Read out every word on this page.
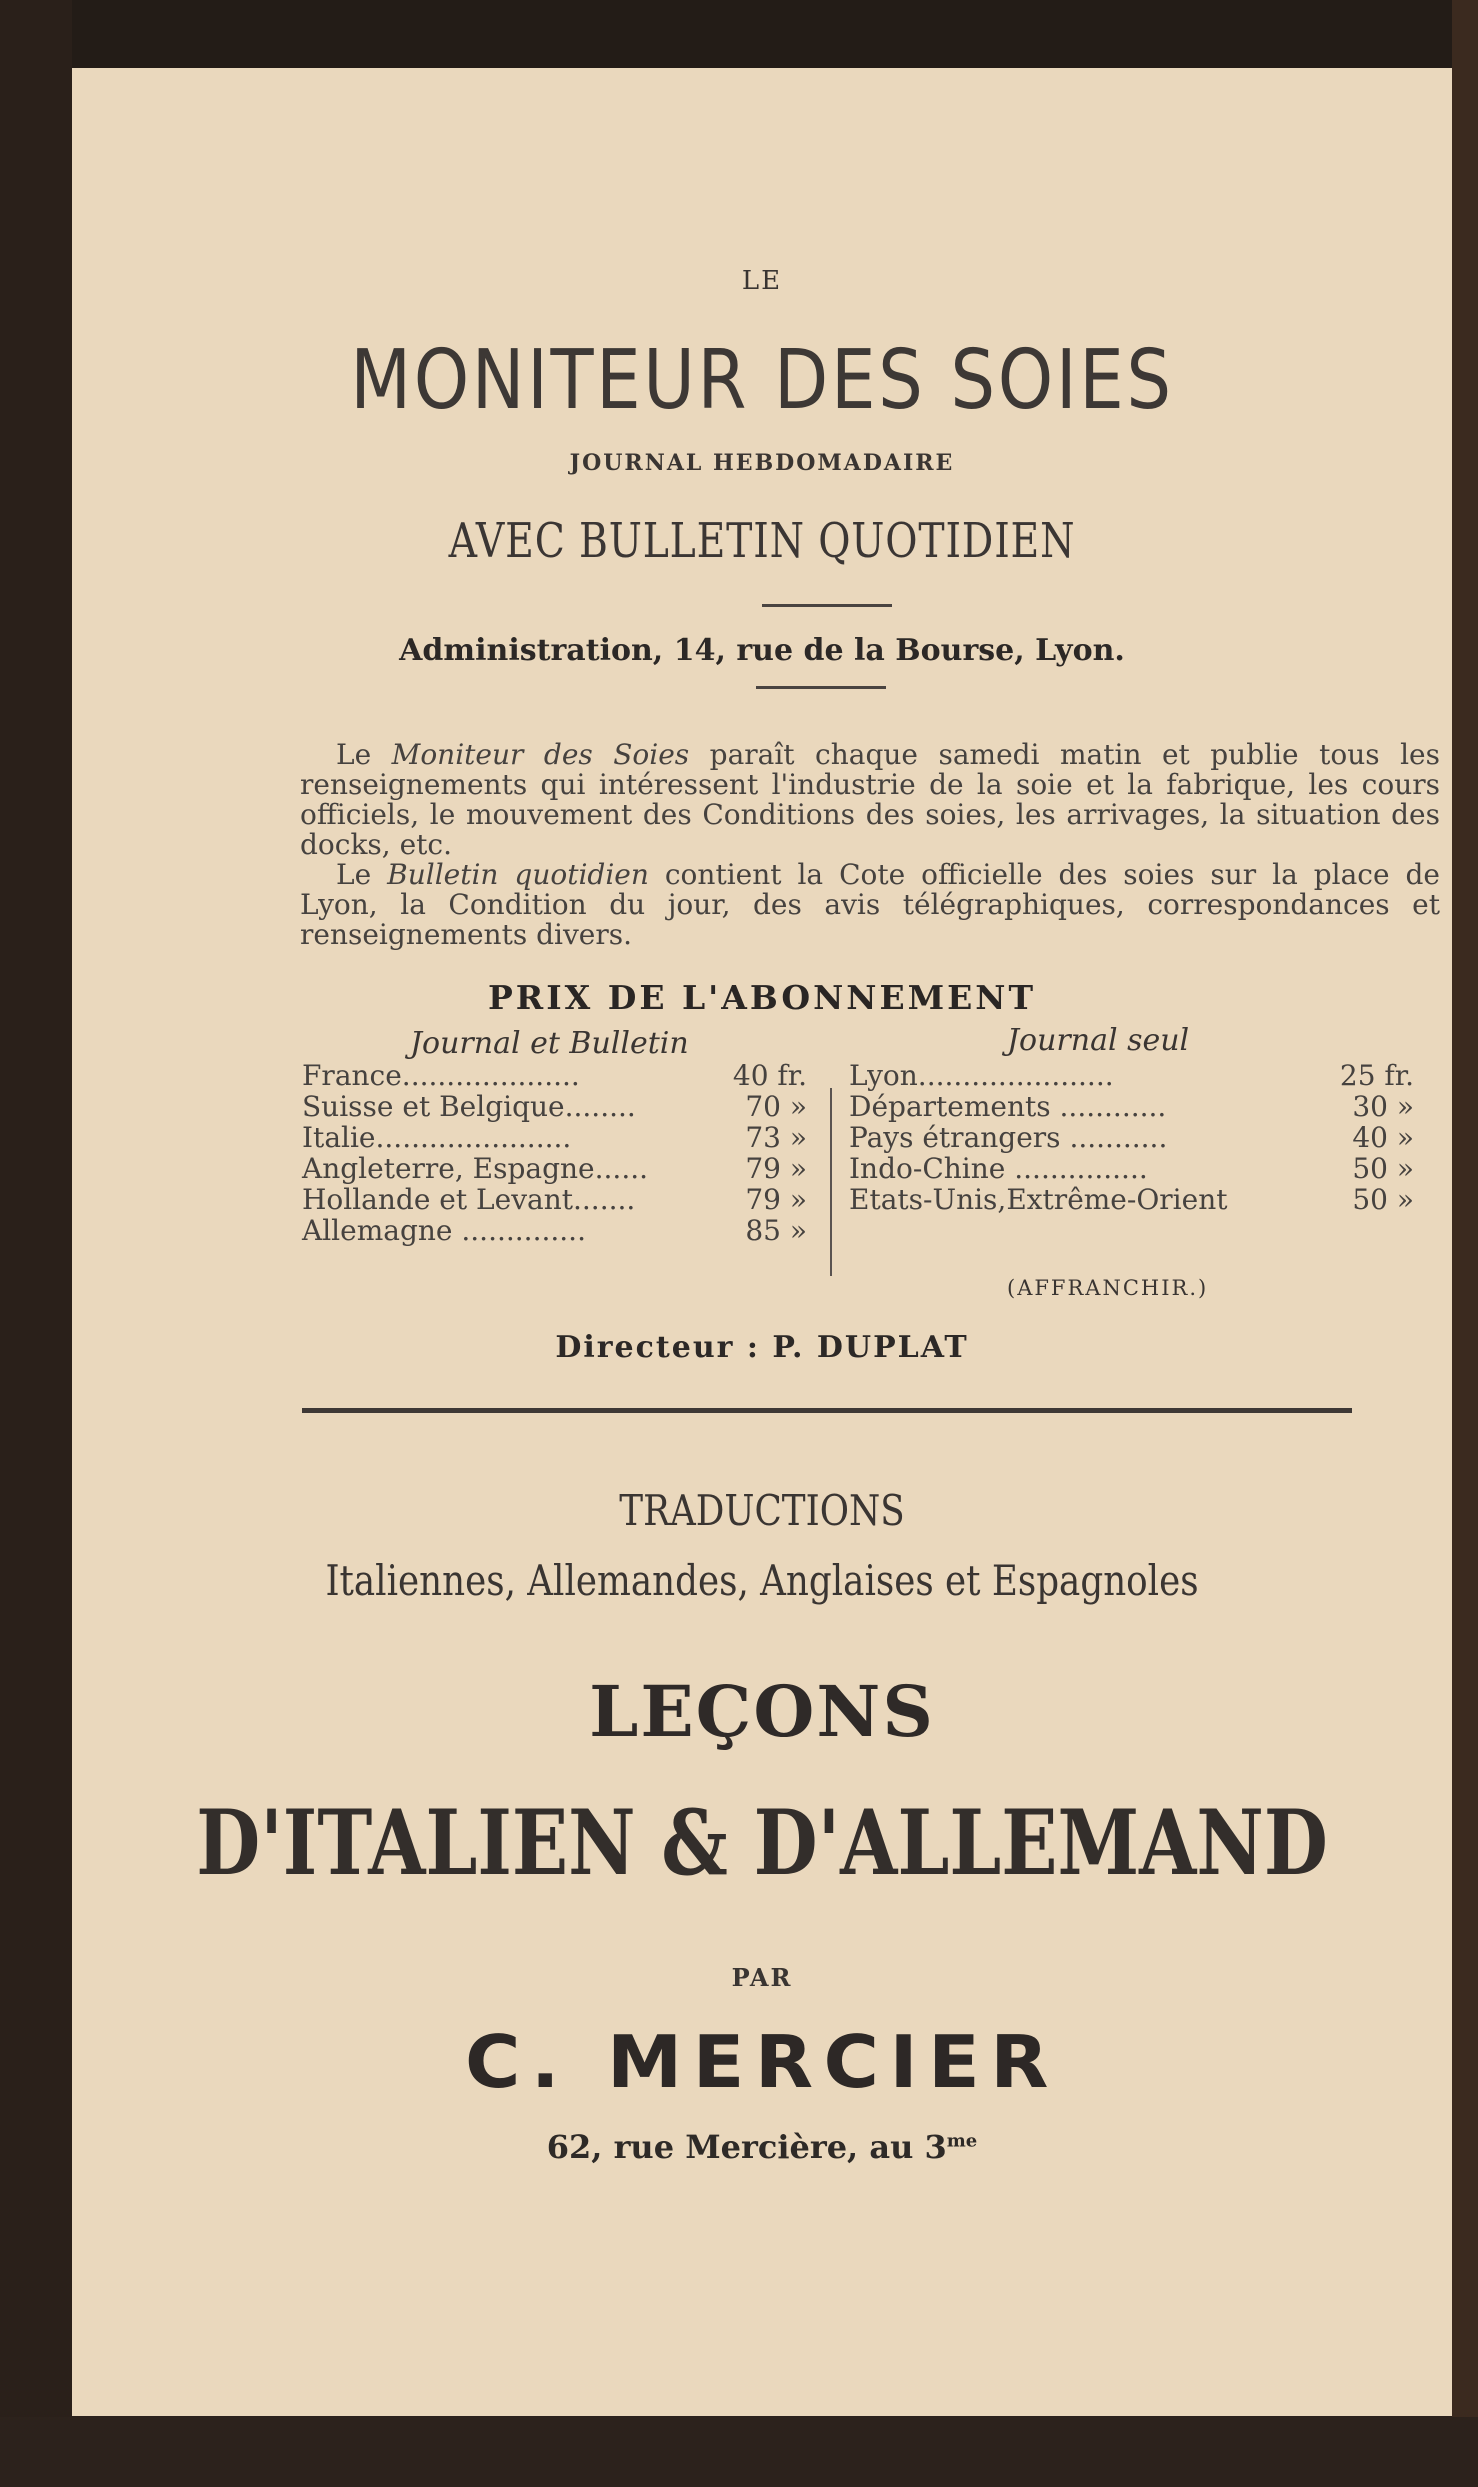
LE
MONITEUR DES SOIES
JOURNAL HEBDOMADAIRE
AVEC BULLETIN QUOTIDIEN
Administration, 14, rue de la Bourse, Lyon.

Le Moniteur des Soies paraît chaque samedi matin et publie tous les renseignements qui intéressent l'industrie de la soie et la fabrique, les cours officiels, le mouvement des Conditions des soies, les arrivages, la situation des docks, etc.

Le Bulletin quotidien contient la Cote officielle des soies sur la place de Lyon, la Condition du jour, des avis télégraphiques, correspondances et renseignements divers.

PRIX DE L'ABONNEMENT
Journal et Bulletin	Journal seul
France....................	40 fr.
Suisse et Belgique........	70 »
Italie......................	73 »
Angleterre, Espagne......	79 »
Hollande et Levant.......	79 »
Allemagne ..............	85 »
Lyon......................	25 fr.
Départements ............	30 »
Pays étrangers ...........	40 »
Indo-Chine ...............	50 »
Etats-Unis,Extrême-Orient	50 »
(AFFRANCHIR.)
Directeur : P. DUPLAT
TRADUCTIONS
Italiennes, Allemandes, Anglaises et Espagnoles
LEÇONS
D'ITALIEN & D'ALLEMAND
PAR
C. MERCIER
62, rue Mercière, au $3^{me}$
